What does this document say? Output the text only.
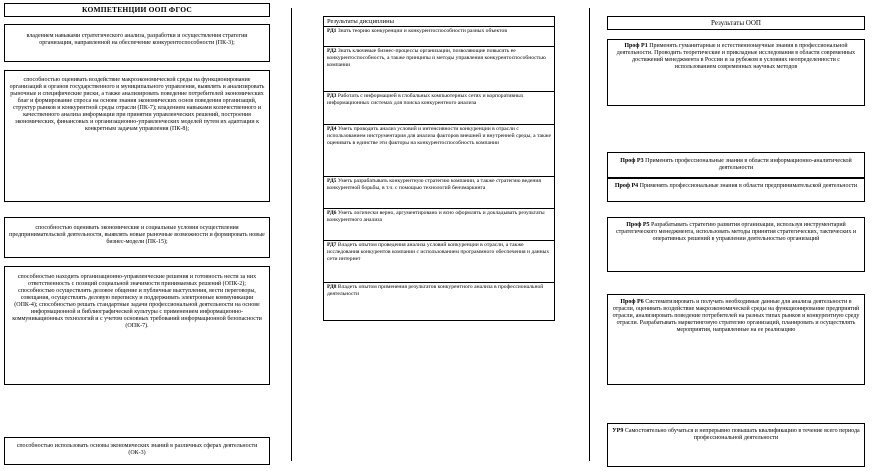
КОМПЕТЕНЦИИ ООП ФГОС
владением навыками стратегического анализа, разработки и осуществления стратегии организации, направленной на обеспечение конкурентоспособности (ПК-3);
способностью оценивать воздействие макроэкономической среды на функционирование организаций и органов государственного и муниципального управления, выявлять и анализировать рыночные и специфические риски, а также анализировать поведение потребителей экономических благ и формирование спроса на основе знания экономических основ поведения организаций, структур рынков и конкурентной среды отрасли (ПК-7); владением навыками количественного и качественного анализа информации при принятии управленческих решений, построения экономических, финансовых и организационно-управленческих моделей путем их адаптации к конкретным задачам управления (ПК-8);
способностью оценивать экономические и социальные условия осуществления предпринимательской деятельности, выявлять новые рыночные возможности и формировать новые бизнес-модели (ПК-15);
способностью находить организационно-управленческие решения и готовность нести за них ответственность с позиций социальной значимости принимаемых решений (ОПК-2); способностью осуществлять деловое общение и публичные выступления, вести переговоры, совещания, осуществлять деловую переписку и поддерживать электронные коммуникации (ОПК-4); способностью решать стандартные задачи профессиональной деятельности на основе информационной и библиографической культуры с применением информационно-коммуникационных технологий и с учетом основных требований информационной безопасности (ОПК-7).
способностью использовать основы экономических знаний в различных сферах деятельности (ОК-3)
Результаты дисциплины
РД1 Знать теорию конкуренции и конкурентоспособности разных объектов
РД2 Знать ключевые бизнес-процессы организации, позволяющие повысить ее конкурентоспособность, а также принципы и методы управления конкурентоспособностью компании
РД3 Работать с информацией в глобальных компьютерных сетях и корпоративных информационных системах для поиска конкурентного анализа
РД4 Уметь проводить анализ условий и интенсивности конкуренции в отрасли с использованием инструментария для анализа факторов внешней и внутренней среды, а также оценивать в единстве эти факторы на конкурентоспособность компании
РД5 Уметь разрабатывать конкурентную стратегию компании, а также стратегию ведения конкурентной борьбы, в т.ч. с помощью технологий бенчмаркинга
РД6 Уметь логически верно, аргументировано и ясно оформлять и докладывать результаты конкурентного анализа
РД7 Владеть опытом проведения анализа условий конкуренции в отрасли, а также исследования конкурентов компании с использованием программного обеспечения и данных сети интернет
РД8 Владеть опытом применения результатов конкурентного анализа в профессиональной деятельности
Результаты ООП
Проф Р1 Применять гуманитарные и естественнонаучные знания в профессиональной деятельности. Проводить теоретические и прикладные исследования в области современных достижений менеджмента в России и за рубежом в условиях неопределенности с использованием современных научных методов
Проф Р3 Применять профессиональные знания в области информационно-аналитической деятельности
Проф Р4 Применять профессиональные знания в области предпринимательской деятельности
Проф Р5 Разрабатывать стратегию развития организации, используя инструментарий стратегического менеджмента, использовать методы принятия стратегических, тактических и оперативных решений в управлении деятельностью организаций
Проф Р6 Систематизировать и получать необходимые данные для анализа деятельности в отрасли, оценивать воздействие макроэкономической среды на функционирование предприятий отрасли, анализировать поведение потребителей на разных типах рынков и конкурентную среду отрасли. Разрабатывать маркетинговую стратегию организаций, планировать и осуществлять мероприятия, направленные на ее реализацию
УР9 Самостоятельно обучаться и непрерывно повышать квалификацию в течение всего периода профессиональной деятельности
